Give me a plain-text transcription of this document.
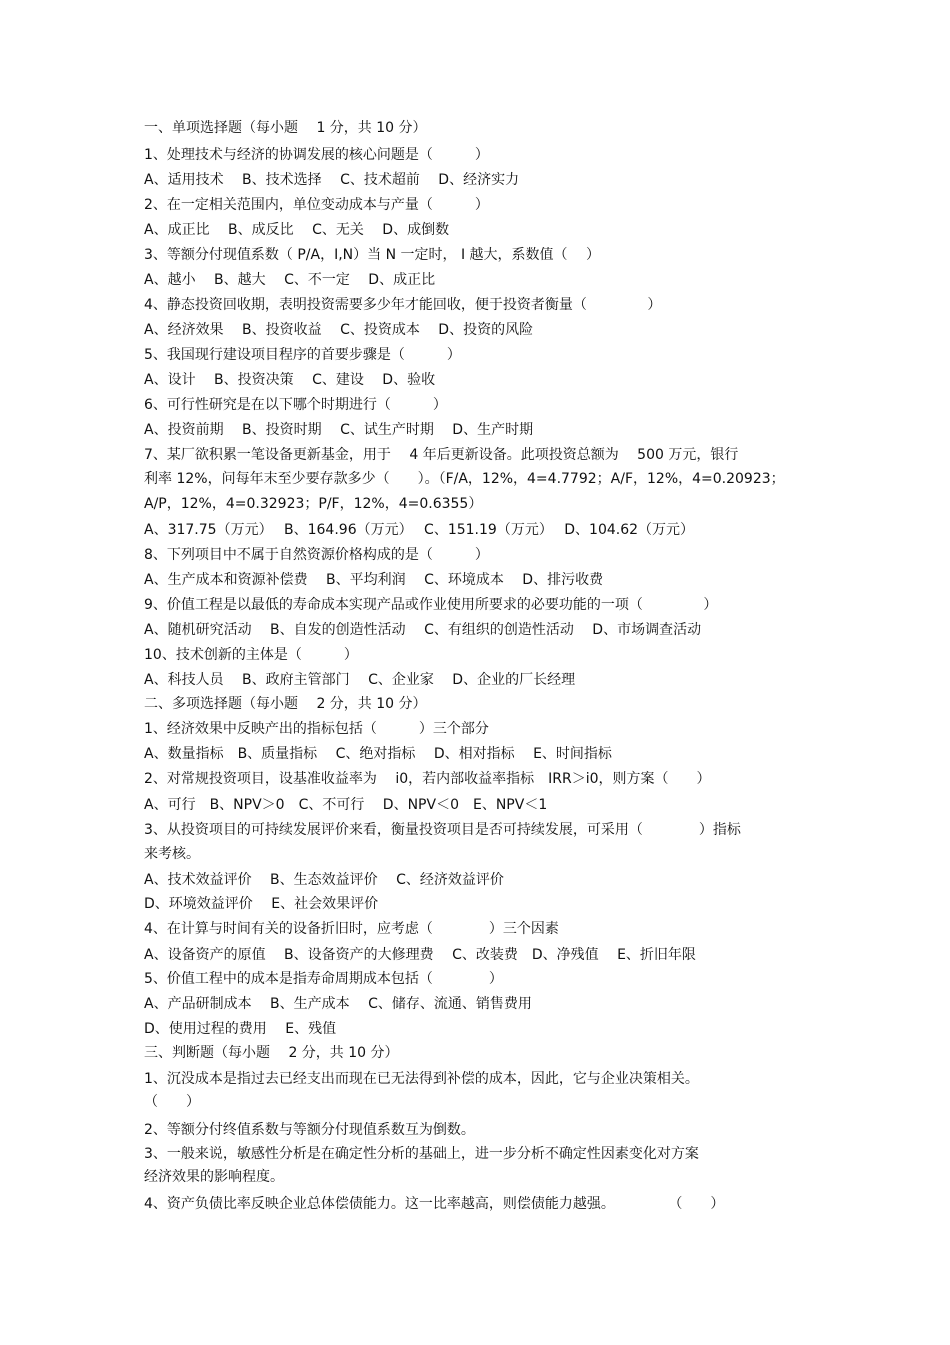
一、单项选择题（每小题　 1 分，共 10 分）
1、处理技术与经济的协调发展的核心问题是（　　　）
A、适用技术　 B、技术选择　 C、技术超前　 D、经济实力
2、在一定相关范围内，单位变动成本与产量（　　　）
A、成正比　 B、成反比　 C、无关　 D、成倒数
3、等额分付现值系数（ P/A，I,N）当 N 一定时， I 越大，系数值（　 ）
A、越小　 B、越大　 C、不一定　 D、成正比
4、静态投资回收期，表明投资需要多少年才能回收，便于投资者衡量（　　　　 ）
A、经济效果　 B、投资收益　 C、投资成本　 D、投资的风险
5、我国现行建设项目程序的首要步骤是（　　　）
A、设计　 B、投资决策　 C、建设　 D、验收
6、可行性研究是在以下哪个时期进行（　　　）
A、投资前期　 B、投资时期　 C、试生产时期　 D、生产时期
7、某厂欲积累一笔设备更新基金，用于　 4 年后更新设备。此项投资总额为　 500 万元，银行
利率 12%，问每年末至少要存款多少（　　）。（F/A，12%，4=4.7792；A/F，12%，4=0.20923；
A/P，12%，4=0.32923；P/F，12%，4=0.6355）
A、317.75（万元）　 B、164.96（万元）　 C、151.19（万元）　 D、104.62（万元）
8、下列项目中不属于自然资源价格构成的是（　　　）
A、生产成本和资源补偿费　 B、平均利润　 C、环境成本　 D、排污收费
9、价值工程是以最低的寿命成本实现产品或作业使用所要求的必要功能的一项（　　　　 ）
A、随机研究活动　 B、自发的创造性活动　 C、有组织的创造性活动　 D、市场调查活动
10、技术创新的主体是（　　　）
A、科技人员　 B、政府主管部门　 C、企业家　 D、企业的厂长经理
二、多项选择题（每小题　 2 分，共 10 分）
1、经济效果中反映产出的指标包括（　　　）三个部分
A、数量指标　B、质量指标　 C、绝对指标　 D、相对指标　 E、时间指标
2、对常规投资项目，设基准收益率为　 i0，若内部收益率指标　IRR＞i0，则方案（　　）
A、可行　B、NPV＞0　C、不可行　 D、NPV＜0　E、NPV＜1
3、从投资项目的可持续发展评价来看，衡量投资项目是否可持续发展，可采用（　　　　）指标
来考核。
A、技术效益评价　 B、生态效益评价　 C、经济效益评价
D、环境效益评价　 E、社会效果评价
4、在计算与时间有关的设备折旧时，应考虑（　　　　）三个因素
A、设备资产的原值　 B、设备资产的大修理费　 C、改装费　D、净残值　 E、折旧年限
5、价值工程中的成本是指寿命周期成本包括（　　　　）
A、产品研制成本　 B、生产成本　 C、储存、流通、销售费用
D、使用过程的费用　 E、残值
三、判断题（每小题　 2 分，共 10 分）
1、沉没成本是指过去已经支出而现在已无法得到补偿的成本，因此，它与企业决策相关。
（　　）
2、等额分付终值系数与等额分付现值系数互为倒数。
3、一般来说，敏感性分析是在确定性分析的基础上，进一步分析不确定性因素变化对方案
经济效果的影响程度。
4、资产负债比率反映企业总体偿债能力。这一比率越高，则偿债能力越强。　　　　 （　　）
